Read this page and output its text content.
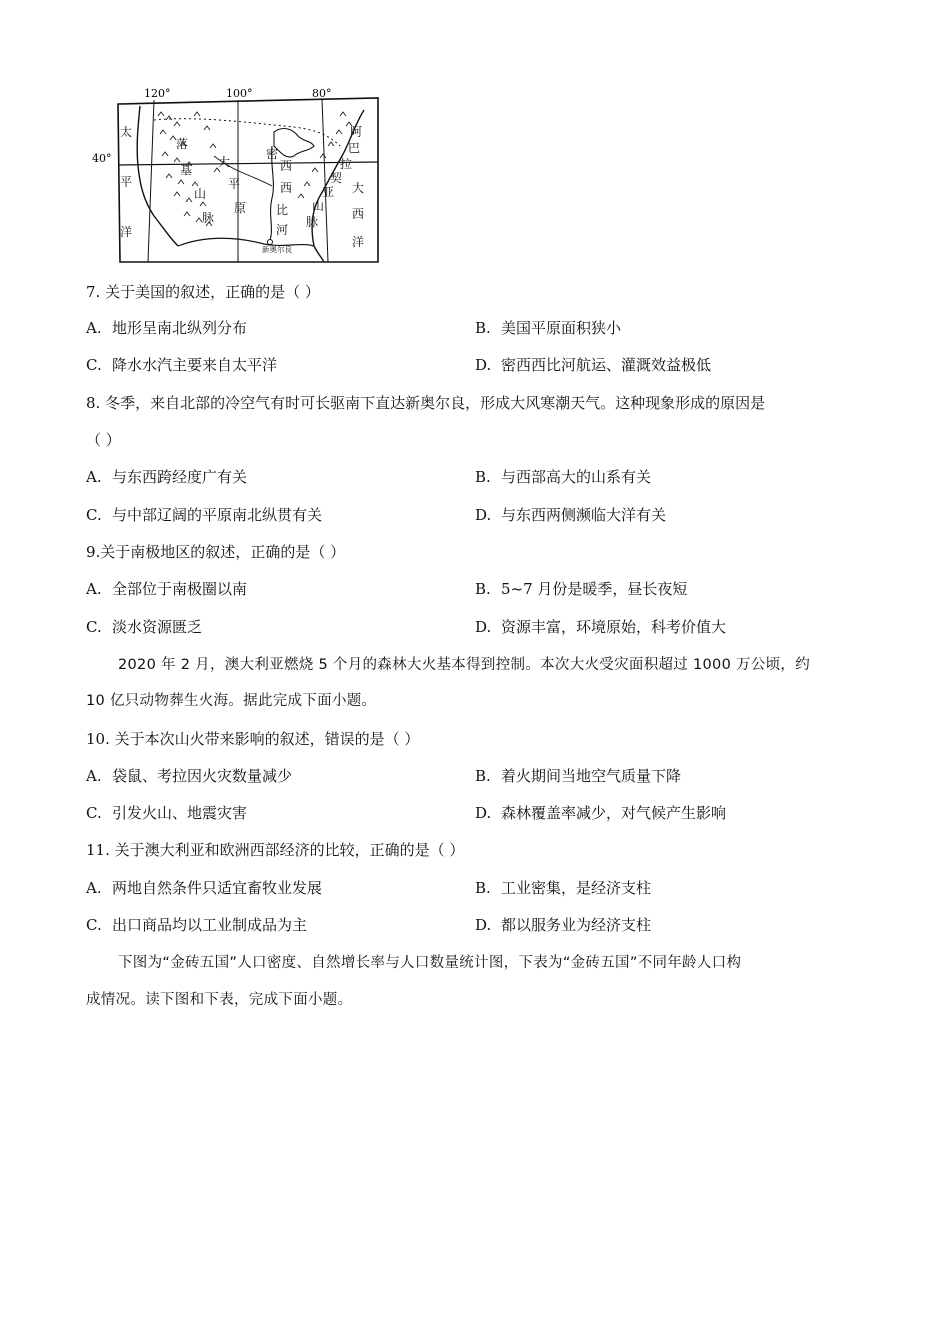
120°	100°	80°
40°
太
平
洋
落
基
山
脉
大
平
原
密
西
西
比
河
阿
巴
拉
契
亚
山
脉
大
西
洋
新奥尔良
7. 关于美国的叙述，正确的是（ ）
A. 地形呈南北纵列分布	B. 美国平原面积狭小
C. 降水水汽主要来自太平洋	D. 密西西比河航运、灌溉效益极低
8. 冬季，来自北部的冷空气有时可长驱南下直达新奥尔良，形成大风寒潮天气。这种现象形成的原因是
（ ）
A. 与东西跨经度广有关	B. 与西部高大的山系有关
C. 与中部辽阔的平原南北纵贯有关	D. 与东西两侧濒临大洋有关
9.关于南极地区的叙述，正确的是（ ）
A. 全部位于南极圈以南	B. 5~7 月份是暖季，昼长夜短
C. 淡水资源匮乏	D. 资源丰富，环境原始，科考价值大
2020 年 2 月，澳大利亚燃烧 5 个月的森林大火基本得到控制。本次大火受灾面积超过 1000 万公顷，约
10 亿只动物葬生火海。据此完成下面小题。
10. 关于本次山火带来影响的叙述，错误的是（ ）
A. 袋鼠、考拉因火灾数量减少	B. 着火期间当地空气质量下降
C. 引发火山、地震灾害	D. 森林覆盖率减少，对气候产生影响
11. 关于澳大利亚和欧洲西部经济的比较，正确的是（ ）
A. 两地自然条件只适宜畜牧业发展	B. 工业密集，是经济支柱
C. 出口商品均以工业制成品为主	D. 都以服务业为经济支柱
下图为“金砖五国”人口密度、自然增长率与人口数量统计图，下表为“金砖五国”不同年龄人口构
成情况。读下图和下表，完成下面小题。
